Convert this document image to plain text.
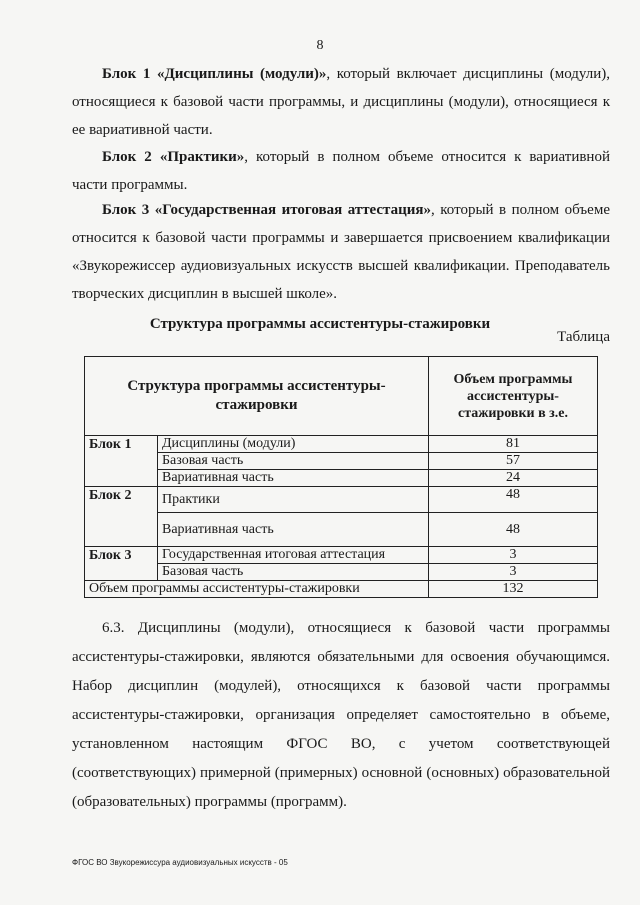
8
Блок 1 «Дисциплины (модули)», который включает дисциплины (модули), относящиеся к базовой части программы, и дисциплины (модули), относящиеся к ее вариативной части.
Блок 2 «Практики», который в полном объеме относится к вариативной части программы.
Блок 3 «Государственная итоговая аттестация», который в полном объеме относится к базовой части программы и завершается присвоением квалификации «Звукорежиссер аудиовизуальных искусств высшей квалификации. Преподаватель творческих дисциплин в высшей школе».
Структура программы ассистентуры-стажировки
Таблица
Структура программы ассистентуры-стажировки		Объем программы ассистентуры-стажировки в з.е.
Блок 1	Дисциплины (модули)	81
	Базовая часть	57
	Вариативная часть	24
Блок 2	Практики	48
	Вариативная часть	48
Блок 3	Государственная итоговая аттестация	3
	Базовая часть	3
Объем программы ассистентуры-стажировки		132
6.3. Дисциплины (модули), относящиеся к базовой части программы ассистентуры-стажировки, являются обязательными для освоения обучающимся. Набор дисциплин (модулей), относящихся к базовой части программы ассистентуры-стажировки, организация определяет самостоятельно в объеме, установленном настоящим ФГОС ВО, с учетом соответствующей (соответствующих) примерной (примерных) основной (основных) образовательной (образовательных) программы (программ).
ФГОС ВО Звукорежиссура аудиовизуальных искусств - 05
